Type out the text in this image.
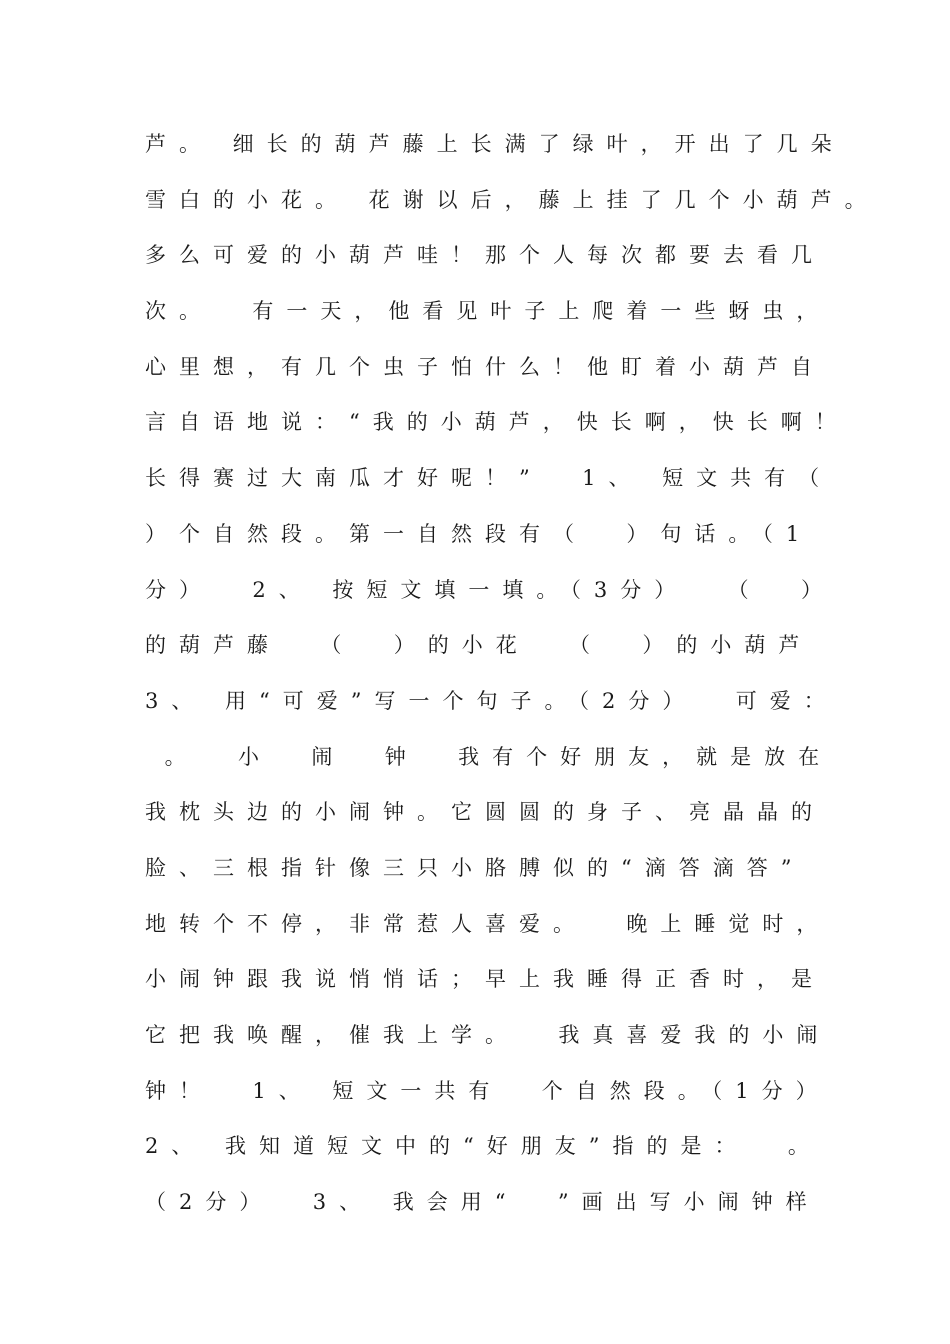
芦。 细长的葫芦藤上长满了绿叶，开出了几朵
雪白的小花。 花谢以后，藤上挂了几个小葫芦。
多么可爱的小葫芦哇！那个人每次都要去看几
次。  有一天，他看见叶子上爬着一些蚜虫，
心里想，有几个虫子怕什么！他盯着小葫芦自
言自语地说：“我的小葫芦，快长啊，快长啊！
长得赛过大南瓜才好呢！”  1、 短文共有（
）个自然段。第一自然段有（  ）句话。（1
分）  2、 按短文填一填。（3分）  （  ）
的葫芦藤  （  ）的小花  （  ）的小葫芦
3、 用“可爱”写一个句子。（2分）  可爱：
。  小  闹  钟  我有个好朋友，就是放在
我枕头边的小闹钟。它圆圆的身子、亮晶晶的
脸、三根指针像三只小胳膊似的“滴答滴答”
地转个不停，非常惹人喜爱。  晚上睡觉时，
小闹钟跟我说悄悄话；早上我睡得正香时，是
它把我唤醒，催我上学。  我真喜爱我的小闹
钟！  1、 短文一共有  个自然段。（1分）
2、 我知道短文中的“好朋友”指的是：  。
（2分）  3、 我会用“  ”画出写小闹钟样
